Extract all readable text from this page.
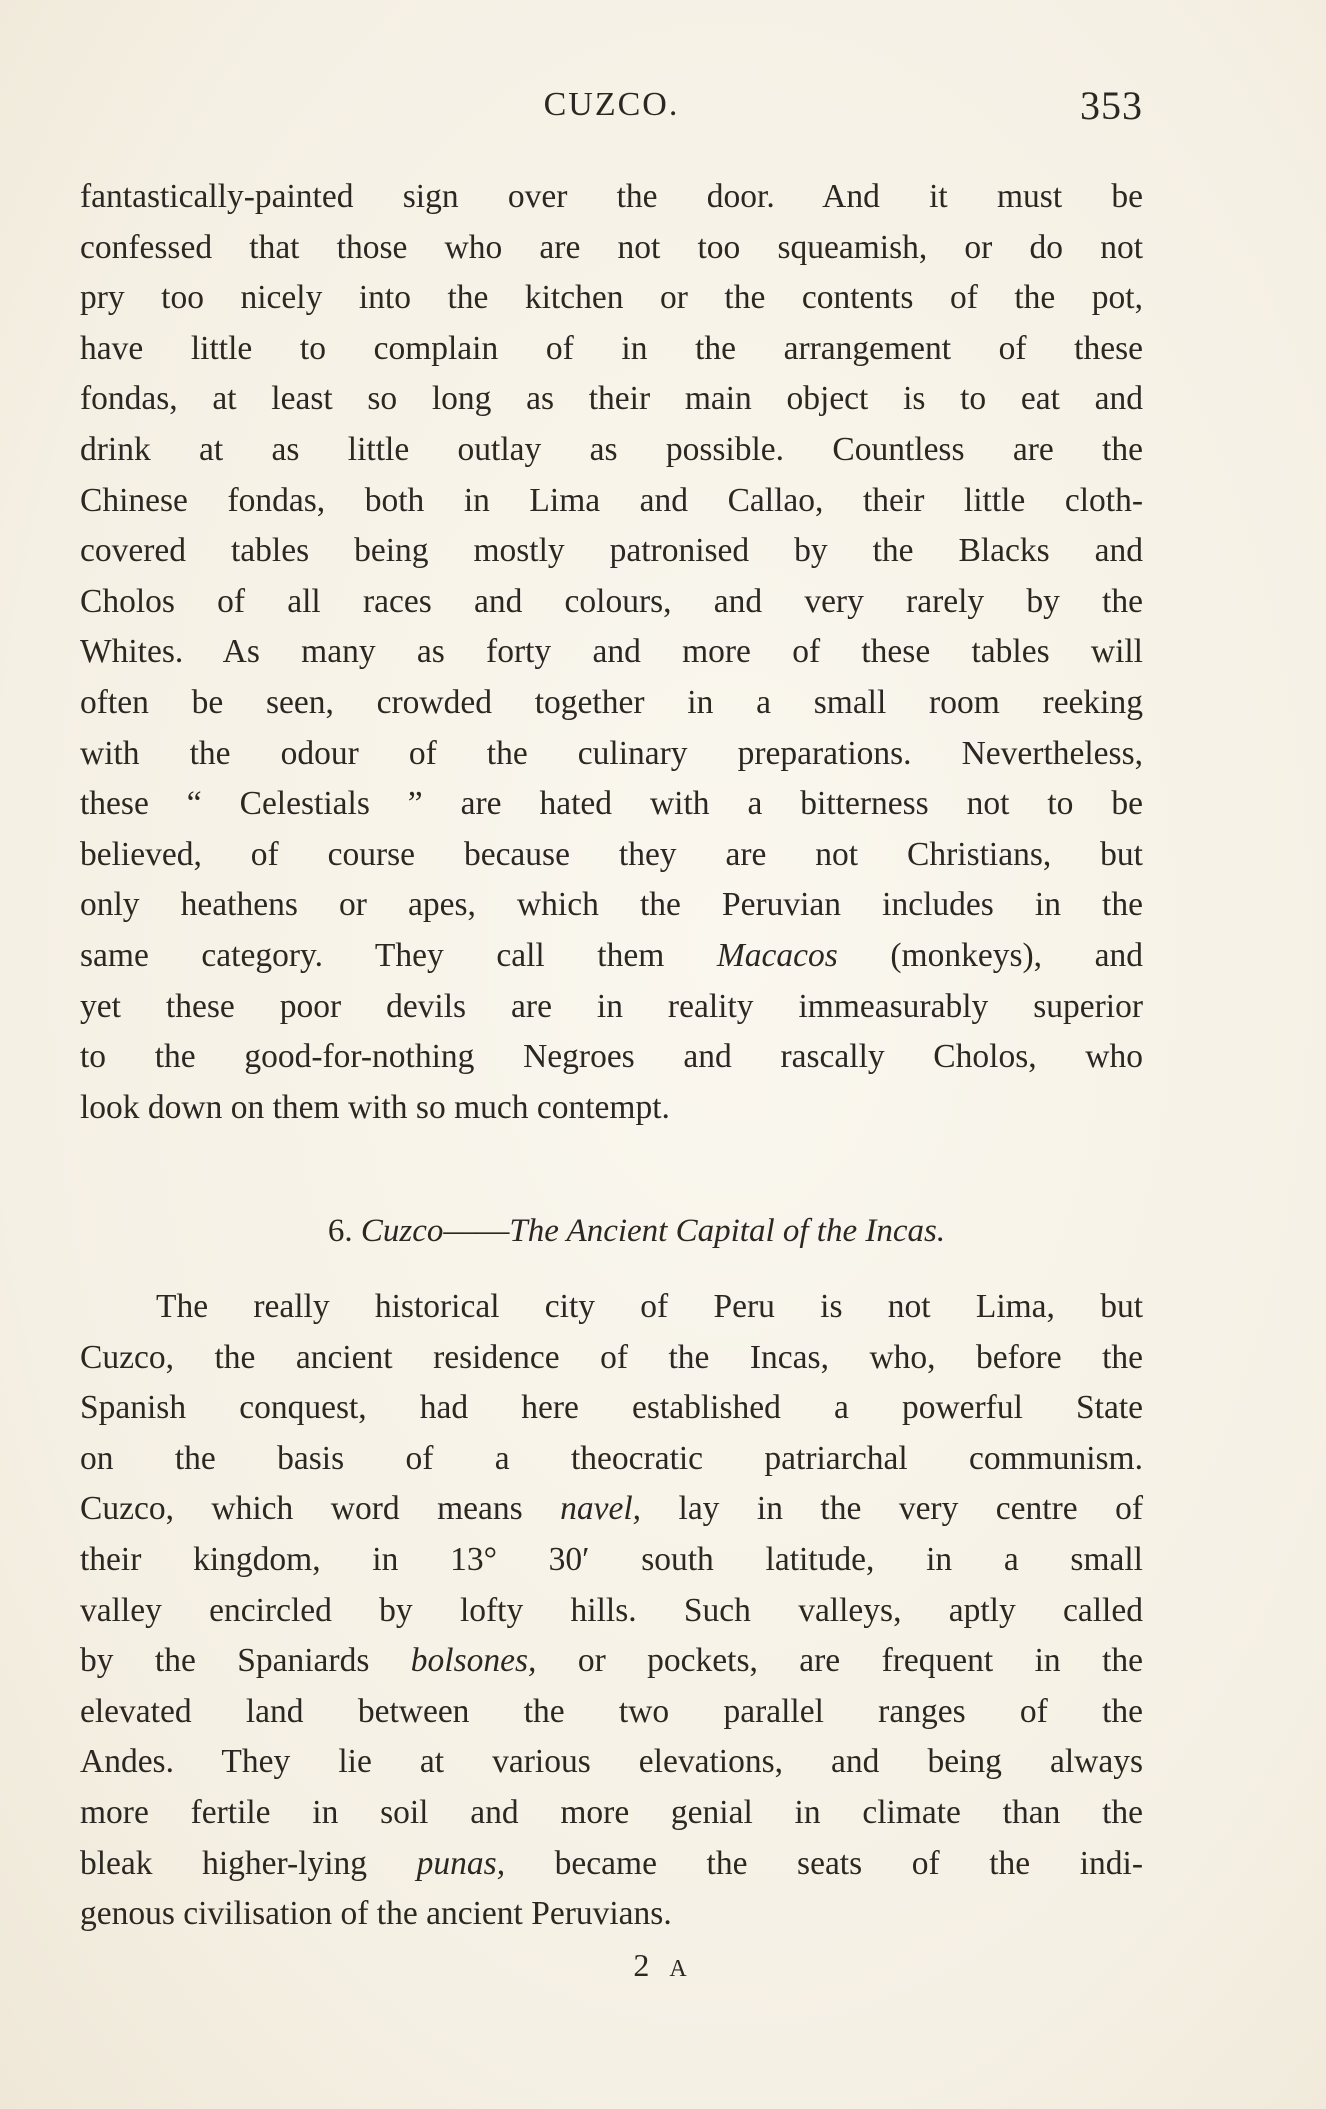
CUZCO.	353
fantastically-painted sign over the door. And it must be
confessed that those who are not too squeamish, or do not
pry too nicely into the kitchen or the contents of the pot,
have little to complain of in the arrangement of these
fondas, at least so long as their main object is to eat and
drink at as little outlay as possible. Countless are the
Chinese fondas, both in Lima and Callao, their little cloth-
covered tables being mostly patronised by the Blacks and
Cholos of all races and colours, and very rarely by the
Whites. As many as forty and more of these tables will
often be seen, crowded together in a small room reeking
with the odour of the culinary preparations. Nevertheless,
these “ Celestials ” are hated with a bitterness not to be
believed, of course because they are not Christians, but
only heathens or apes, which the Peruvian includes in the
same category. They call them Macacos (monkeys), and
yet these poor devils are in reality immeasurably superior
to the good-for-nothing Negroes and rascally Cholos, who
look down on them with so much contempt.
6. Cuzco——The Ancient Capital of the Incas.
The really historical city of Peru is not Lima, but
Cuzco, the ancient residence of the Incas, who, before the
Spanish conquest, had here established a powerful State
on the basis of a theocratic patriarchal communism.
Cuzco, which word means navel, lay in the very centre of
their kingdom, in 13° 30′ south latitude, in a small
valley encircled by lofty hills. Such valleys, aptly called
by the Spaniards bolsones, or pockets, are frequent in the
elevated land between the two parallel ranges of the
Andes. They lie at various elevations, and being always
more fertile in soil and more genial in climate than the
bleak higher-lying punas, became the seats of the indi-
genous civilisation of the ancient Peruvians.
2 A
